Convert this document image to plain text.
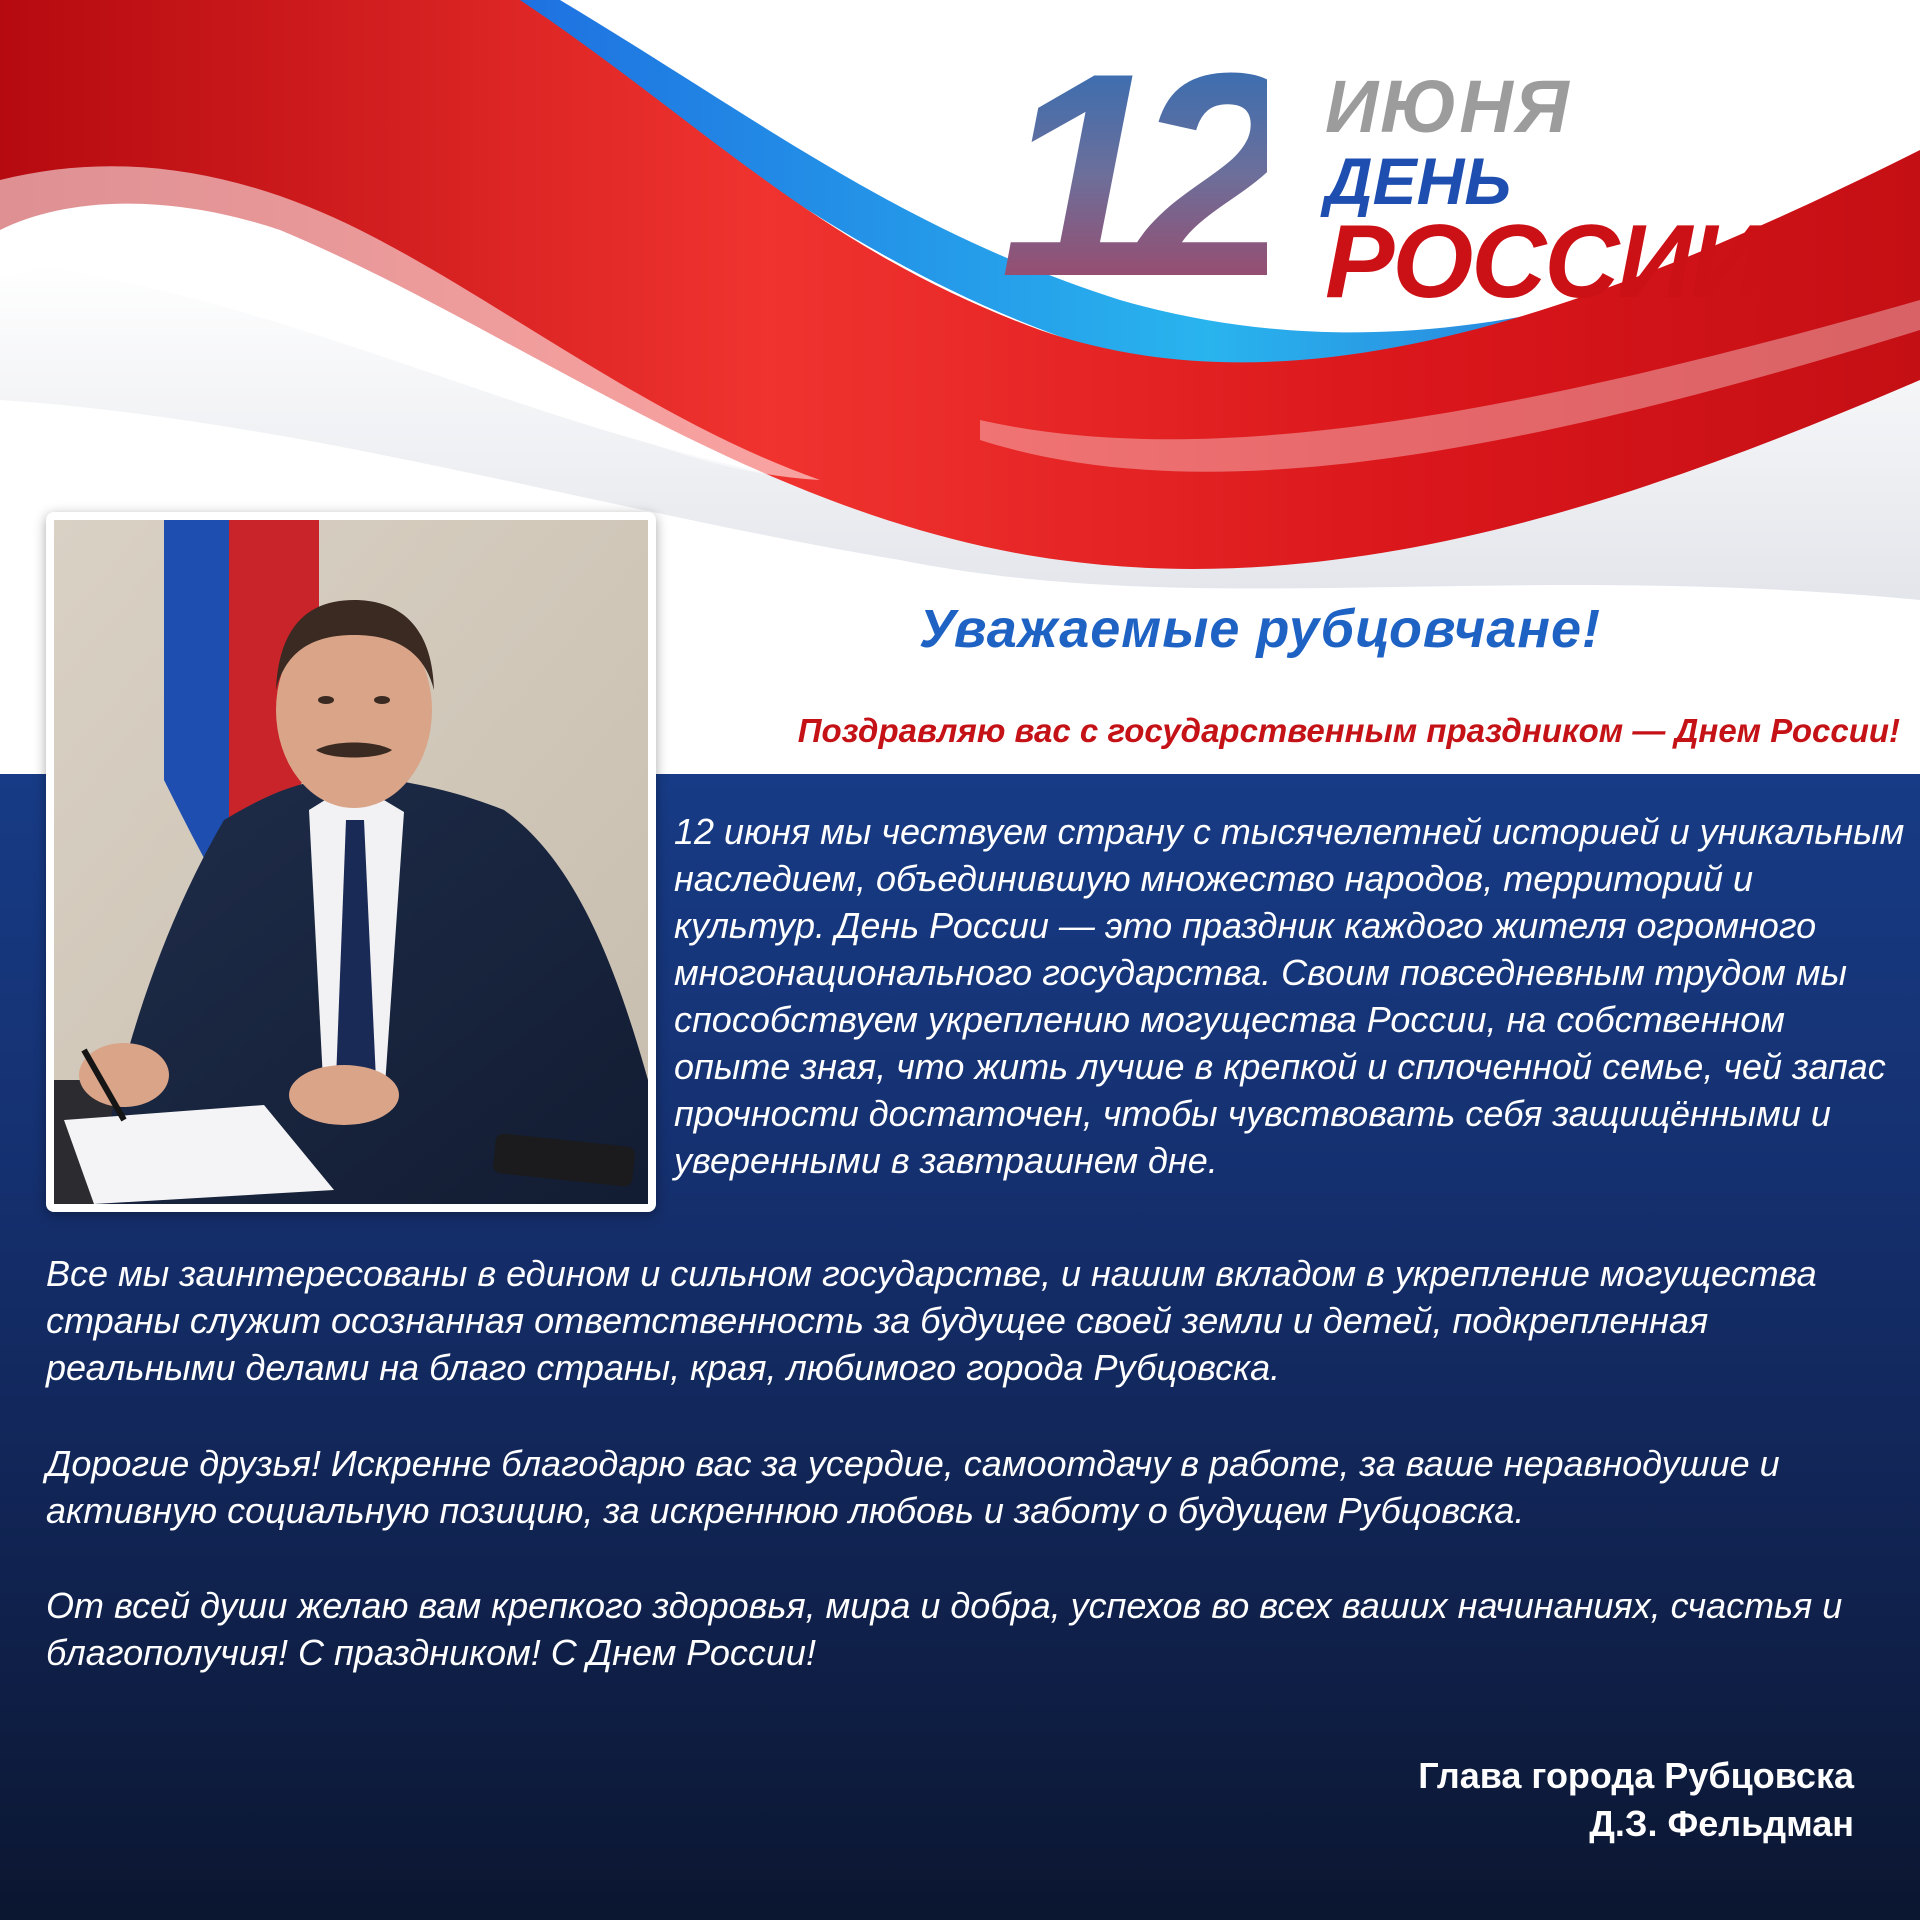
12 ИЮНЯ
ДЕНЬ
РОССИИ
Уважаемые рубцовчане!
Поздравляю вас с государственным праздником — Днем России!

12 июня мы чествуем страну с тысячелетней историей и уникальным наследием, объединившую множество народов, территорий и культур. День России — это праздник каждого жителя огромного многонационального государства. Своим повседневным трудом мы способствуем укреплению могущества России, на собственном опыте зная, что жить лучше в крепкой и сплоченной семье, чей запас прочности достаточен, чтобы чувствовать себя защищёнными и уверенными в завтрашнем дне.

Все мы заинтересованы в едином и сильном государстве, и нашим вкладом в укрепление могущества страны служит осознанная ответственность за будущее своей земли и детей, подкрепленная реальными делами на благо страны, края, любимого города Рубцовска.

Дорогие друзья! Искренне благодарю вас за усердие, самоотдачу в работе, за ваше неравнодушие и активную социальную позицию, за искреннюю любовь и заботу о будущем Рубцовска.

От всей души желаю вам крепкого здоровья, мира и добра, успехов во всех ваших начинаниях, счастья и благополучия! С праздником! С Днем России!

Глава города Рубцовска
Д.З. Фельдман
